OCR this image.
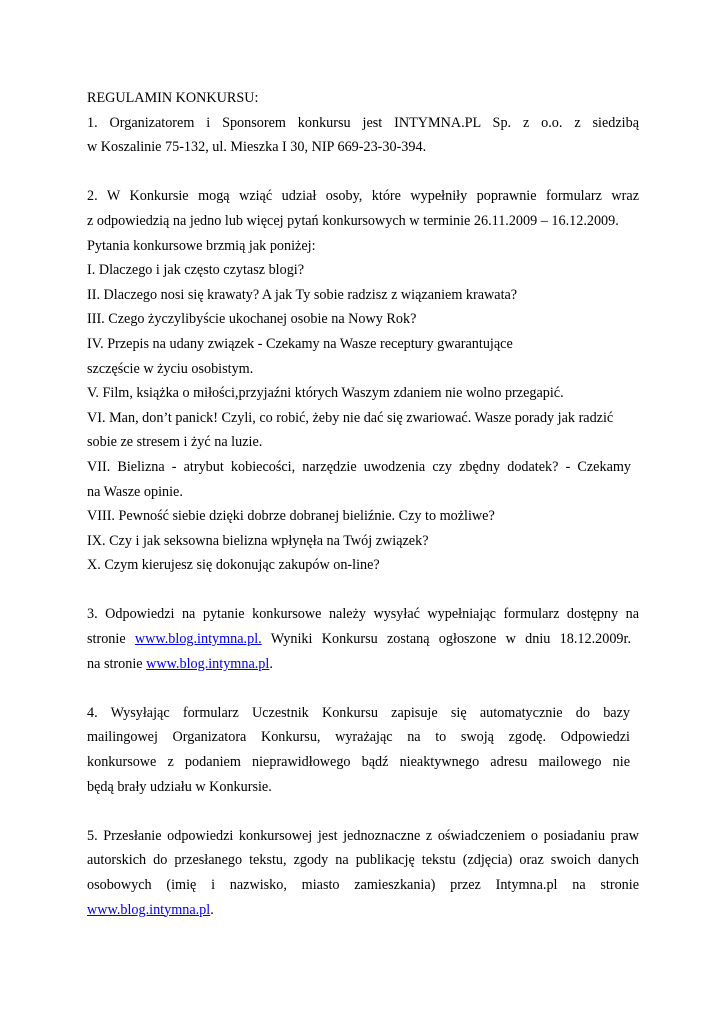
REGULAMIN KONKURSU:

1. Organizatorem i Sponsorem konkursu jest INTYMNA.PL Sp. z o.o. z siedzibą

w Koszalinie 75-132, ul. Mieszka I 30, NIP 669-23-30-394.

2. W Konkursie mogą wziąć udział osoby, które wypełniły poprawnie formularz wraz

z odpowiedzią na jedno lub więcej pytań konkursowych w terminie 26.11.2009 – 16.12.2009.

Pytania konkursowe brzmią jak poniżej:

I. Dlaczego i jak często czytasz blogi?

II. Dlaczego nosi się krawaty? A jak Ty sobie radzisz z wiązaniem krawata?

III. Czego życzylibyście ukochanej osobie na Nowy Rok?

IV. Przepis na udany związek - Czekamy na Wasze receptury gwarantujące

szczęście w życiu osobistym.

V. Film, książka o miłości,przyjaźni których Waszym zdaniem nie wolno przegapić.

VI. Man, don’t panick! Czyli, co robić, żeby nie dać się zwariować. Wasze porady jak radzić

sobie ze stresem i żyć na luzie.

VII. Bielizna - atrybut kobiecości, narzędzie uwodzenia czy zbędny dodatek? - Czekamy

na Wasze opinie.

VIII. Pewność siebie dzięki dobrze dobranej bieliźnie. Czy to możliwe?

IX. Czy i jak seksowna bielizna wpłynęła na Twój związek?

X. Czym kierujesz się dokonując zakupów on-line?

3. Odpowiedzi na pytanie konkursowe należy wysyłać wypełniając formularz dostępny na

stronie www.blog.intymna.pl. Wyniki Konkursu zostaną ogłoszone w dniu 18.12.2009r.

na stronie www.blog.intymna.pl.

4. Wysyłając formularz Uczestnik Konkursu zapisuje się automatycznie do bazy

mailingowej Organizatora Konkursu, wyrażając na to swoją zgodę. Odpowiedzi

konkursowe z podaniem nieprawidłowego bądź nieaktywnego adresu mailowego nie

będą brały udziału w Konkursie.

5. Przesłanie odpowiedzi konkursowej jest jednoznaczne z oświadczeniem o posiadaniu praw

autorskich do przesłanego tekstu, zgody na publikację tekstu (zdjęcia) oraz swoich danych

osobowych (imię i nazwisko, miasto zamieszkania) przez Intymna.pl na stronie

www.blog.intymna.pl.
